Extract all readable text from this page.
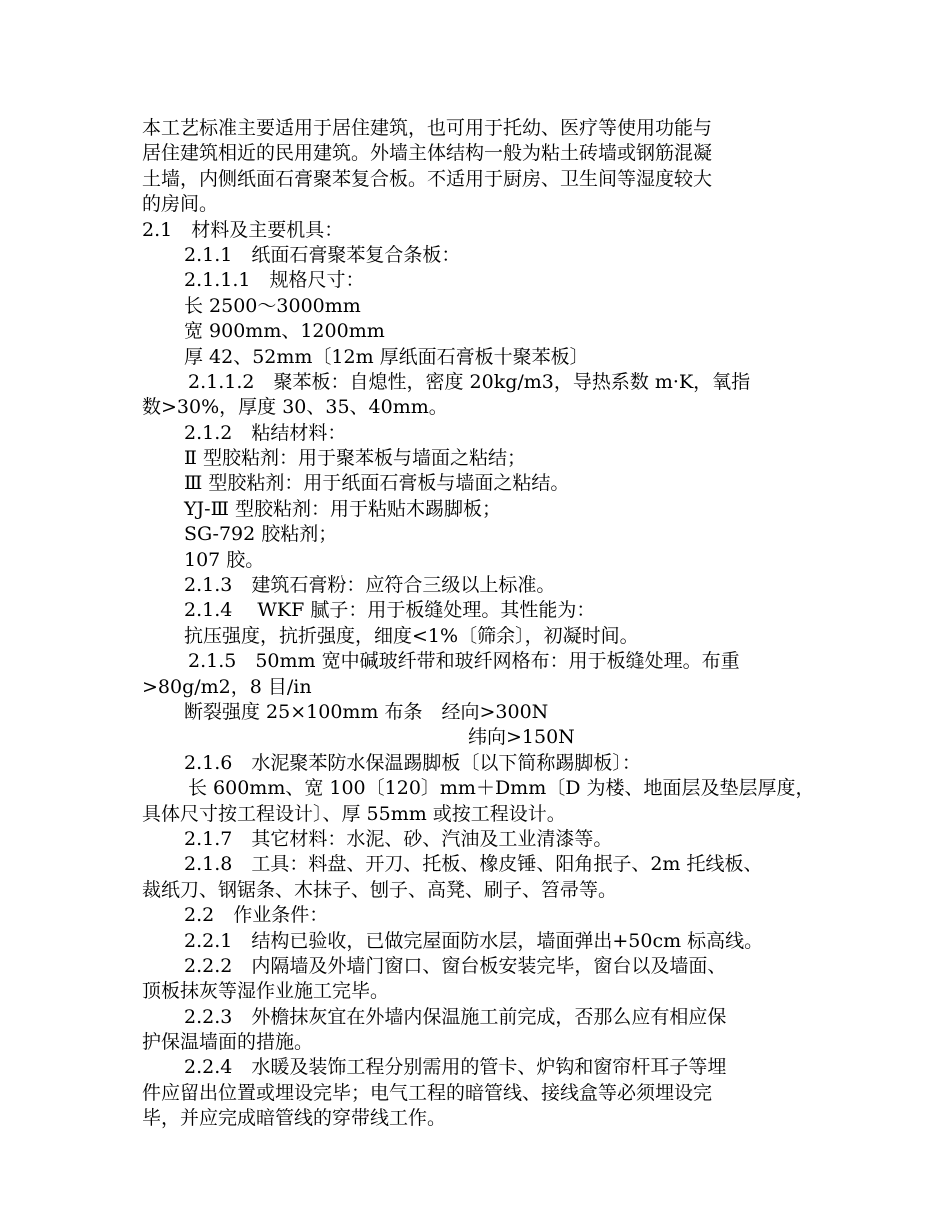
本工艺标准主要适用于居住建筑，也可用于托幼、医疗等使用功能与
居住建筑相近的民用建筑。外墙主体结构一般为粘土砖墙或钢筋混凝
土墙，内侧纸面石膏聚苯复合板。不适用于厨房、卫生间等湿度较大
的房间。
2.1　材料及主要机具：
2.1.1　纸面石膏聚苯复合条板：
2.1.1.1　规格尺寸：
长 2500～3000mm
宽 900mm、1200mm
厚 42、52mm〔12m 厚纸面石膏板十聚苯板〕
2.1.1.2　聚苯板：自熄性，密度 20kg/m3，导热系数 m·K，氧指
数>30%，厚度 30、35、40mm。
2.1.2　粘结材料：
Ⅱ 型胶粘剂：用于聚苯板与墙面之粘结；
Ⅲ 型胶粘剂：用于纸面石膏板与墙面之粘结。
YJ-Ⅲ 型胶粘剂：用于粘贴木踢脚板；
SG-792 胶粘剂；
107 胶。
2.1.3　建筑石膏粉：应符合三级以上标准。
2.1.4　 WKF 腻子：用于板缝处理。其性能为：
抗压强度，抗折强度，细度<1%〔筛余〕，初凝时间。
2.1.5　50mm 宽中碱玻纤带和玻纤网格布：用于板缝处理。布重
>80g/m2，8 目/in
断裂强度 25×100mm 布条　经向>300N
纬向>150N
2.1.6　水泥聚苯防水保温踢脚板〔以下简称踢脚板〕：
长 600mm、宽 100〔120〕mm＋Dmm〔D 为楼、地面层及垫层厚度，
具体尺寸按工程设计〕、厚 55mm 或按工程设计。
2.1.7　其它材料：水泥、砂、汽油及工业清漆等。
2.1.8　工具：料盘、开刀、托板、橡皮锤、阳角抿子、2m 托线板、
裁纸刀、钢锯条、木抹子、刨子、高凳、刷子、笤帚等。
2.2　作业条件：
2.2.1　结构已验收，已做完屋面防水层，墙面弹出+50cm 标高线。
2.2.2　内隔墙及外墙门窗口、窗台板安装完毕，窗台以及墙面、
顶板抹灰等湿作业施工完毕。
2.2.3　外檐抹灰宜在外墙内保温施工前完成，否那么应有相应保
护保温墙面的措施。
2.2.4　水暖及装饰工程分别需用的管卡、炉钩和窗帘杆耳子等埋
件应留出位置或埋设完毕；电气工程的暗管线、接线盒等必须埋设完
毕，并应完成暗管线的穿带线工作。
